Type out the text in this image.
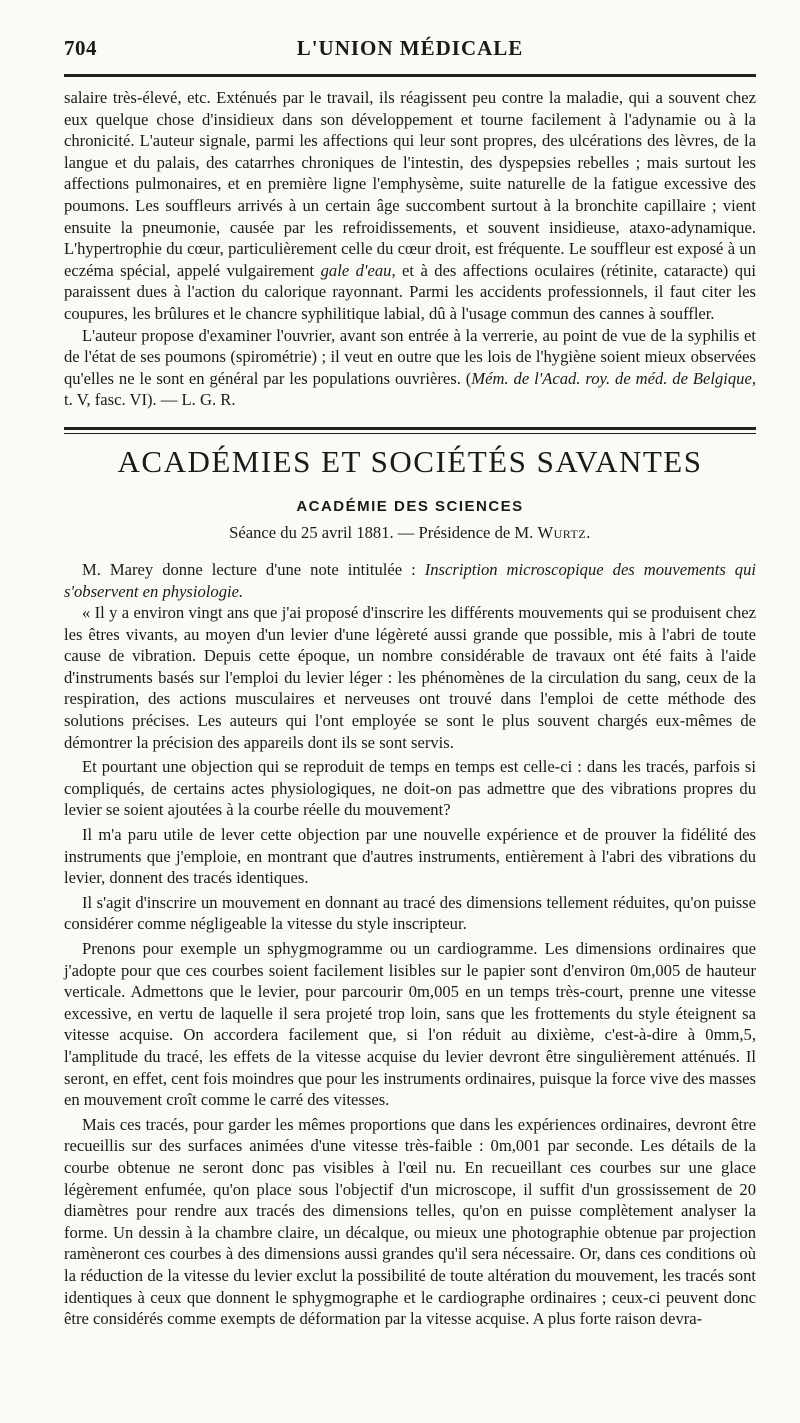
704	L'UNION MÉDICALE

salaire très-élevé, etc. Exténués par le travail, ils réagissent peu contre la maladie, qui a souvent chez eux quelque chose d'insidieux dans son développement et tourne facilement à l'adynamie ou à la chronicité. L'auteur signale, parmi les affections qui leur sont propres, des ulcérations des lèvres, de la langue et du palais, des catarrhes chroniques de l'intestin, des dyspepsies rebelles ; mais surtout les affections pulmonaires, et en première ligne l'emphysème, suite naturelle de la fatigue excessive des poumons. Les souffleurs arrivés à un certain âge succombent surtout à la bronchite capillaire ; vient ensuite la pneumonie, causée par les refroidissements, et souvent insidieuse, ataxo-adynamique. L'hypertrophie du cœur, particulièrement celle du cœur droit, est fréquente. Le souffleur est exposé à un eczéma spécial, appelé vulgairement gale d'eau, et à des affections oculaires (rétinite, cataracte) qui paraissent dues à l'action du calorique rayonnant. Parmi les accidents professionnels, il faut citer les coupures, les brûlures et le chancre syphilitique labial, dû à l'usage commun des cannes à souffler.

L'auteur propose d'examiner l'ouvrier, avant son entrée à la verrerie, au point de vue de la syphilis et de l'état de ses poumons (spirométrie) ; il veut en outre que les lois de l'hygiène soient mieux observées qu'elles ne le sont en général par les populations ouvrières. (Mém. de l'Acad. roy. de méd. de Belgique, t. V, fasc. VI). — L. G. R.

ACADÉMIES ET SOCIÉTÉS SAVANTES
ACADÉMIE DES SCIENCES
Séance du 25 avril 1881. — Présidence de M. Wurtz.

M. Marey donne lecture d'une note intitulée : Inscription microscopique des mouvements qui s'observent en physiologie.

« Il y a environ vingt ans que j'ai proposé d'inscrire les différents mouvements qui se produisent chez les êtres vivants, au moyen d'un levier d'une légèreté aussi grande que possible, mis à l'abri de toute cause de vibration. Depuis cette époque, un nombre considérable de travaux ont été faits à l'aide d'instruments basés sur l'emploi du levier léger : les phénomènes de la circulation du sang, ceux de la respiration, des actions musculaires et nerveuses ont trouvé dans l'emploi de cette méthode des solutions précises. Les auteurs qui l'ont employée se sont le plus souvent chargés eux-mêmes de démontrer la précision des appareils dont ils se sont servis.

Et pourtant une objection qui se reproduit de temps en temps est celle-ci : dans les tracés, parfois si compliqués, de certains actes physiologiques, ne doit-on pas admettre que des vibrations propres du levier se soient ajoutées à la courbe réelle du mouvement?

Il m'a paru utile de lever cette objection par une nouvelle expérience et de prouver la fidélité des instruments que j'emploie, en montrant que d'autres instruments, entièrement à l'abri des vibrations du levier, donnent des tracés identiques.

Il s'agit d'inscrire un mouvement en donnant au tracé des dimensions tellement réduites, qu'on puisse considérer comme négligeable la vitesse du style inscripteur.

Prenons pour exemple un sphygmogramme ou un cardiogramme. Les dimensions ordinaires que j'adopte pour que ces courbes soient facilement lisibles sur le papier sont d'environ 0m,005 de hauteur verticale. Admettons que le levier, pour parcourir 0m,005 en un temps très-court, prenne une vitesse excessive, en vertu de laquelle il sera projeté trop loin, sans que les frottements du style éteignent sa vitesse acquise. On accordera facilement que, si l'on réduit au dixième, c'est-à-dire à 0mm,5, l'amplitude du tracé, les effets de la vitesse acquise du levier devront être singulièrement atténués. Il seront, en effet, cent fois moindres que pour les instruments ordinaires, puisque la force vive des masses en mouvement croît comme le carré des vitesses.

Mais ces tracés, pour garder les mêmes proportions que dans les expériences ordinaires, devront être recueillis sur des surfaces animées d'une vitesse très-faible : 0m,001 par seconde. Les détails de la courbe obtenue ne seront donc pas visibles à l'œil nu. En recueillant ces courbes sur une glace légèrement enfumée, qu'on place sous l'objectif d'un microscope, il suffit d'un grossissement de 20 diamètres pour rendre aux tracés des dimensions telles, qu'on en puisse complètement analyser la forme. Un dessin à la chambre claire, un décalque, ou mieux une photographie obtenue par projection ramèneront ces courbes à des dimensions aussi grandes qu'il sera nécessaire. Or, dans ces conditions où la réduction de la vitesse du levier exclut la possibilité de toute altération du mouvement, les tracés sont identiques à ceux que donnent le sphygmographe et le cardiographe ordinaires ; ceux-ci peuvent donc être considérés comme exempts de déformation par la vitesse acquise. A plus forte raison devra-
